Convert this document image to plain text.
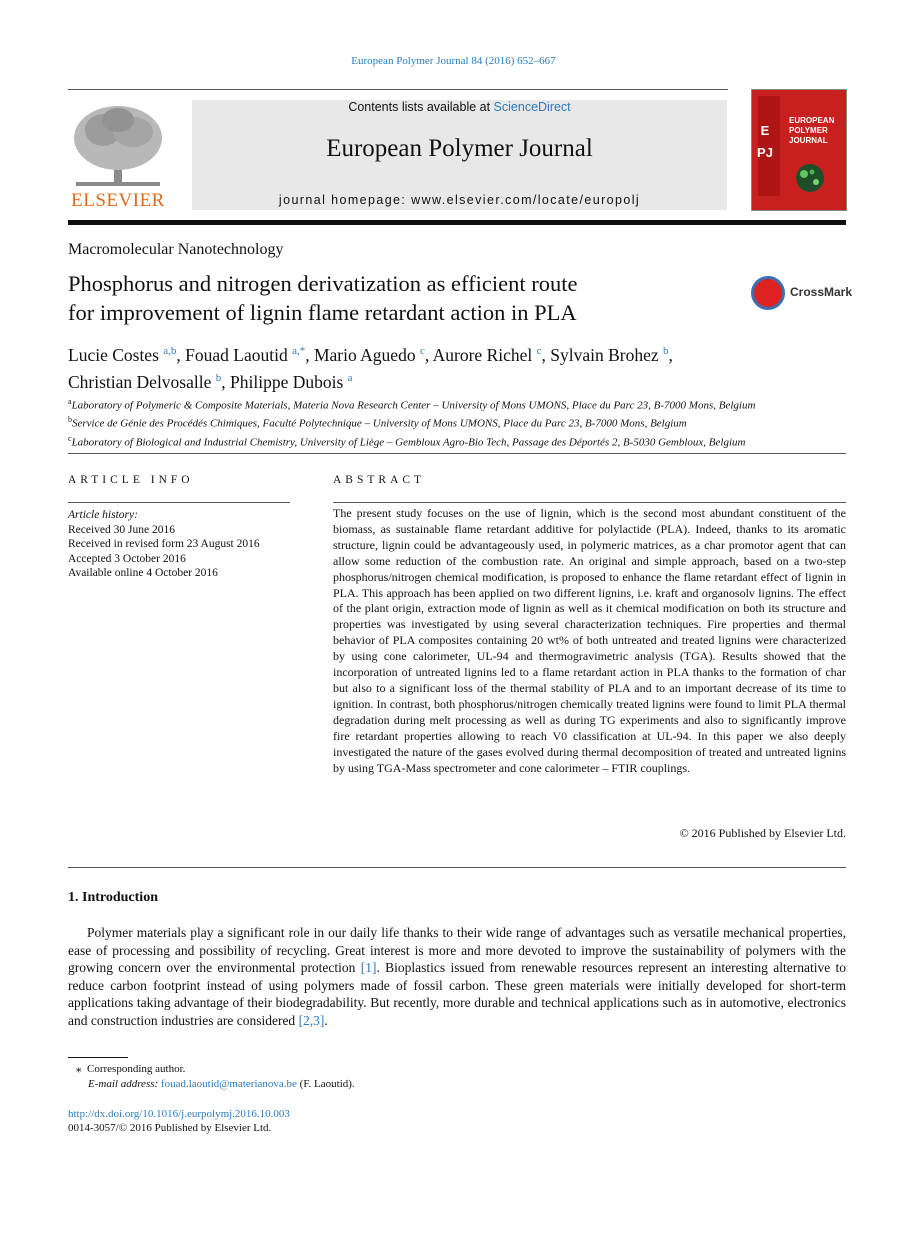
European Polymer Journal 84 (2016) 652–667
ELSEVIER
Contents lists available at ScienceDirect
European Polymer Journal
journal homepage: www.elsevier.com/locate/europolj
EPJ
EUROPEAN
POLYMER
JOURNAL
Macromolecular Nanotechnology
Phosphorus and nitrogen derivatization as efficient route
for improvement of lignin flame retardant action in PLA
CrossMark
Lucie Costes $^{a,b}$, Fouad Laoutid $^{a,*}$, Mario Aguedo $^c$, Aurore Richel $^c$, Sylvain Brohez $^b$,
Christian Delvosalle $^b$, Philippe Dubois $^a$
$^a$Laboratory of Polymeric & Composite Materials, Materia Nova Research Center – University of Mons UMONS, Place du Parc 23, B-7000 Mons, Belgium
$^b$Service de Génie des Procédés Chimiques, Faculté Polytechnique – University of Mons UMONS, Place du Parc 23, B-7000 Mons, Belgium
$^c$Laboratory of Biological and Industrial Chemistry, University of Liège – Gembloux Agro-Bio Tech, Passage des Déportés 2, B-5030 Gembloux, Belgium
ARTICLE INFO
Article history:
Received 30 June 2016
Received in revised form 23 August 2016
Accepted 3 October 2016
Available online 4 October 2016
ABSTRACT
The present study focuses on the use of lignin, which is the second most abundant constituent of the biomass, as sustainable flame retardant additive for polylactide (PLA). Indeed, thanks to its aromatic structure, lignin could be advantageously used, in polymeric matrices, as a char promotor agent that can allow some reduction of the combustion rate. An original and simple approach, based on a two-step phosphorus/nitrogen chemical modification, is proposed to enhance the flame retardant effect of lignin in PLA. This approach has been applied on two different lignins, i.e. kraft and organosolv lignins. The effect of the plant origin, extraction mode of lignin as well as it chemical modification on both its structure and properties was investigated by using several characterization techniques. Fire properties and thermal behavior of PLA composites containing 20 wt% of both untreated and treated lignins were characterized by using cone calorimeter, UL-94 and thermogravimetric analysis (TGA). Results showed that the incorporation of untreated lignins led to a flame retardant action in PLA thanks to the formation of char but also to a significant loss of the thermal stability of PLA and to an important decrease of its time to ignition. In contrast, both phosphorus/nitrogen chemically treated lignins were found to limit PLA thermal degradation during melt processing as well as during TG experiments and also to significantly improve fire retardant properties allowing to reach V0 classification at UL-94. In this paper we also deeply investigated the nature of the gases evolved during thermal decomposition of treated and untreated lignins by using TGA-Mass spectrometer and cone calorimeter – FTIR couplings.
© 2016 Published by Elsevier Ltd.
1. Introduction
Polymer materials play a significant role in our daily life thanks to their wide range of advantages such as versatile mechanical properties, ease of processing and possibility of recycling. Great interest is more and more devoted to improve the sustainability of polymers with the growing concern over the environmental protection [1]. Bioplastics issued from renewable resources represent an interesting alternative to reduce carbon footprint instead of using polymers made of fossil carbon. These green materials were initially developed for short-term applications taking advantage of their biodegradability. But recently, more durable and technical applications such as in automotive, electronics and construction industries are considered [2,3].
⁎ Corresponding author.
E-mail address: fouad.laoutid@materianova.be (F. Laoutid).
http://dx.doi.org/10.1016/j.eurpolymj.2016.10.003
0014-3057/© 2016 Published by Elsevier Ltd.
